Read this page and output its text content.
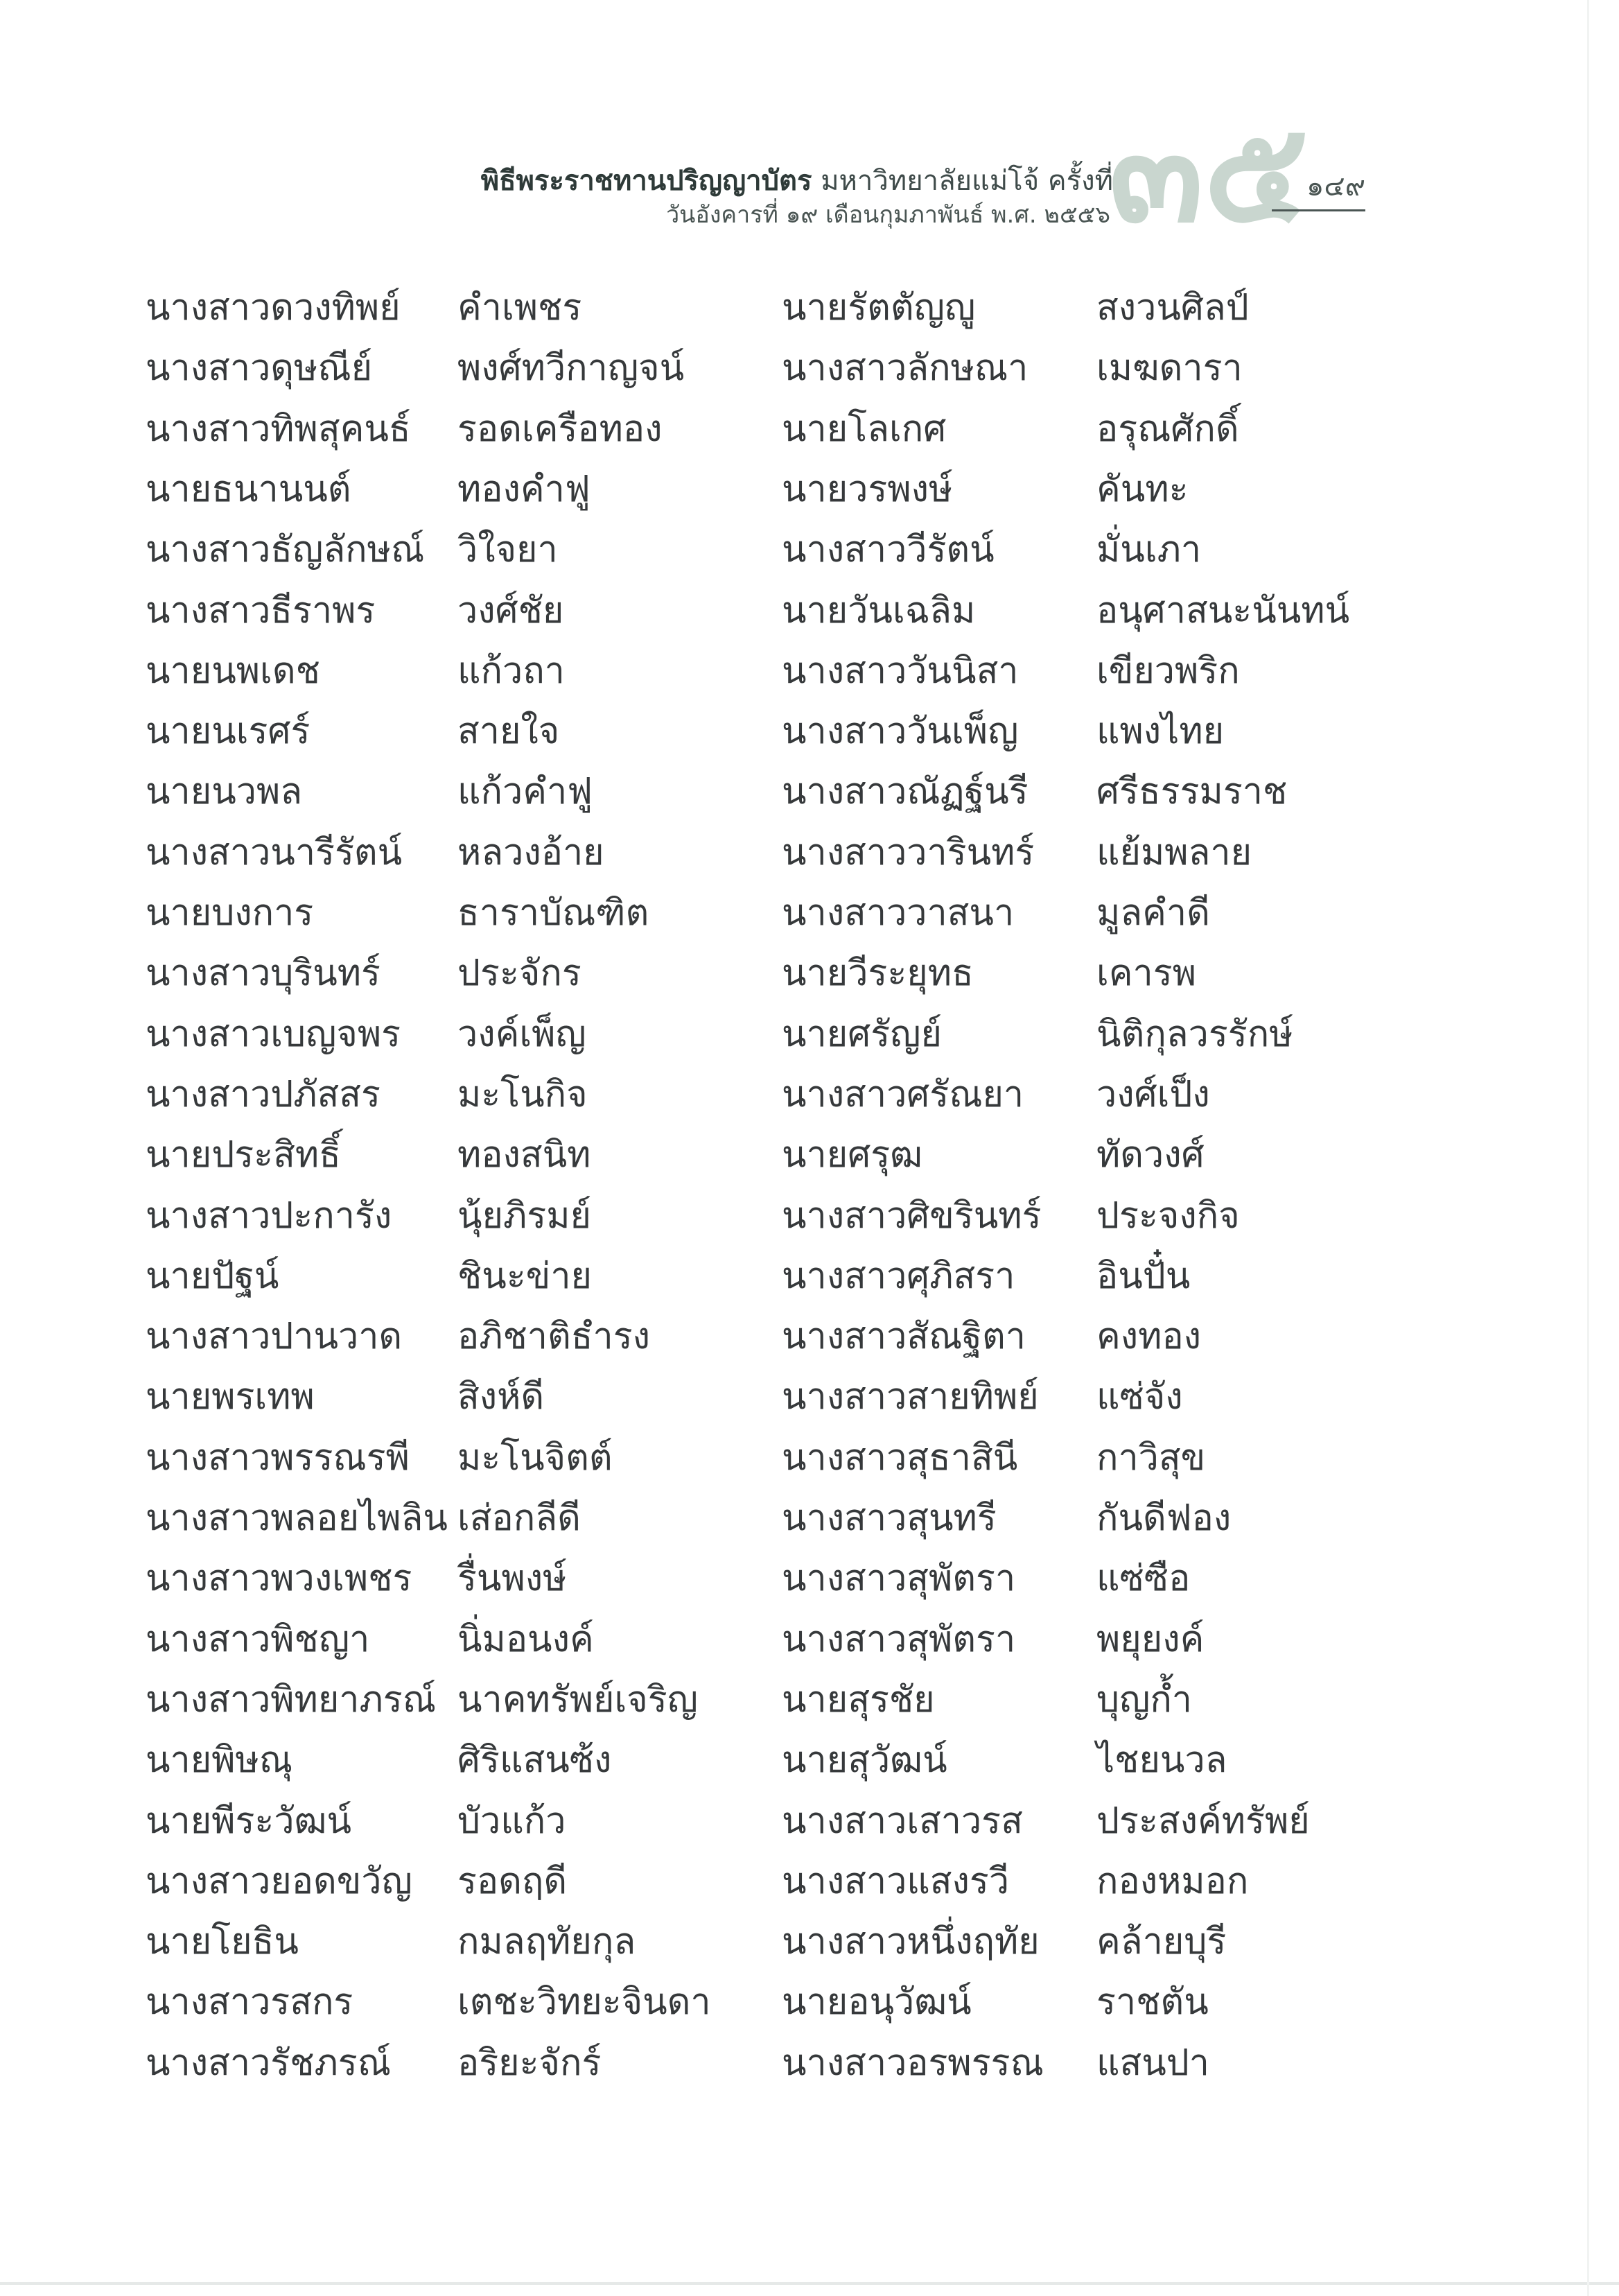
พิธีพระราชทานปริญญาบัตร มหาวิทยาลัยแม่โจ้ ครั้งที่
วันอังคารที่ ๑๙ เดือนกุมภาพันธ์ พ.ศ. ๒๕๕๖
๓๕
๑๔๙
นางสาวดวงทิพย์ คำเพชร	นายรัตตัญญู	สงวนศิลป์
นางสาวดุษณีย์ พงศ์ทวีกาญจน์	นางสาวลักษณา เมฆดารา
นางสาวทิพสุคนธ์ รอดเครือทอง	นายโลเกศ	อรุณศักดิ์
นายธนานนต์	ทองคำฟู	นายวรพงษ์	คันทะ
นางสาวธัญลักษณ์ วิใจยา	นางสาววีรัตน์	มั่นเภา
นางสาวธีราพร วงศ์ชัย	นายวันเฉลิม	อนุศาสนะนันทน์
นายนพเดช	แก้วถา	นางสาววันนิสา เขียวพริก
นายนเรศร์	สายใจ	นางสาววันเพ็ญ แพงไทย
นายนวพล	แก้วคำฟู	นางสาวณัฏฐ์นรี ศรีธรรมราช
นางสาวนารีรัตน์ หลวงอ้าย	นางสาววารินทร์ แย้มพลาย
นายบงการ	ธาราบัณฑิต	นางสาววาสนา มูลคำดี
นางสาวบุรินทร์ ประจักร	นายวีระยุทธ	เคารพ
นางสาวเบญจพร วงค์เพ็ญ	นายศรัญย์	นิติกุลวรรักษ์
นางสาวปภัสสร มะโนกิจ	นางสาวศรัณยา วงศ์เป็ง
นายประสิทธิ์	ทองสนิท	นายศรุฒ	ทัดวงศ์
นางสาวปะการัง นุ้ยภิรมย์	นางสาวศิขรินทร์ ประจงกิจ
นายปัฐน์	ชินะข่าย	นางสาวศุภิสรา อินปั๋น
นางสาวปานวาด อภิชาติธำรง	นางสาวสัณฐิตา คงทอง
นายพรเทพ	สิงห์ดี	นางสาวสายทิพย์ แซ่จัง
นางสาวพรรณรพี มะโนจิตต์	นางสาวสุธาสินี กาวิสุข
นางสาวพลอยไพลิน เส่อกลีดี	นางสาวสุนทรี	กันดีฟอง
นางสาวพวงเพชร รื่นพงษ์	นางสาวสุพัตรา แซ่ซือ
นางสาวพิชญา นิ่มอนงค์	นางสาวสุพัตรา พยุยงค์
นางสาวพิทยาภรณ์ นาคทรัพย์เจริญ นายสุรชัย	บุญก้ำ
นายพิษณุ	ศิริแสนซ้ง	นายสุวัฒน์	ไชยนวล
นายพีระวัฒน์	บัวแก้ว	นางสาวเสาวรส ประสงค์ทรัพย์
นางสาวยอดขวัญ รอดฤดี	นางสาวแสงรวี กองหมอก
นายโยธิน	กมลฤทัยกุล	นางสาวหนึ่งฤทัย คล้ายบุรี
นางสาวรสกร	เตชะวิทยะจินดา นายอนุวัฒน์	ราชตัน
นางสาวรัชภรณ์ อริยะจักร์	นางสาวอรพรรณ แสนปา
